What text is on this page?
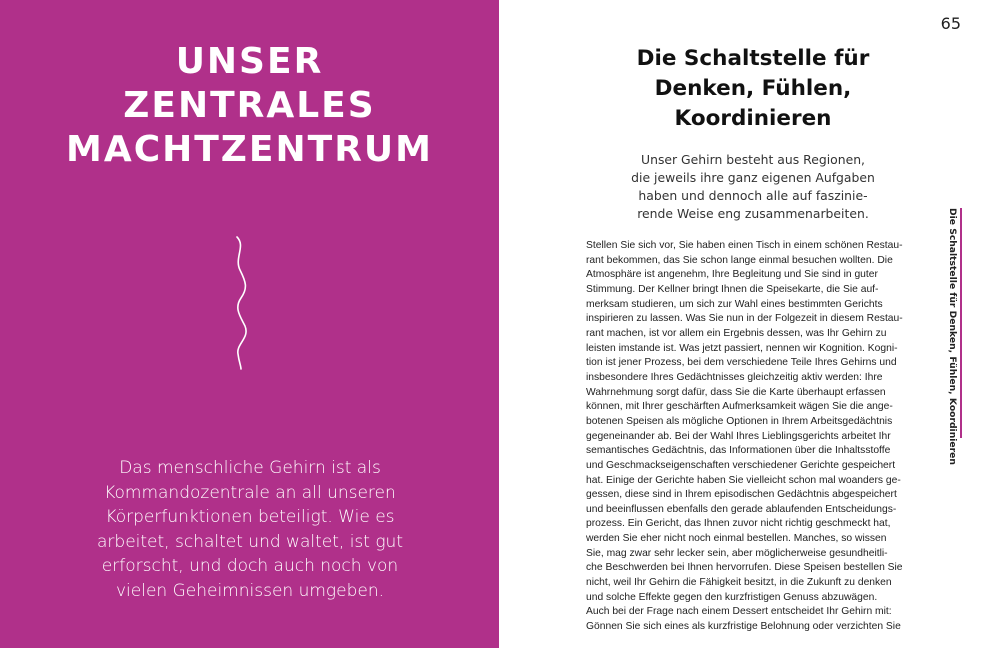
UNSER
ZENTRALES
MACHTZENTRUM
Das menschliche Gehirn ist als
Kommandozentrale an all unseren
Körperfunktionen beteiligt. Wie es
arbeitet, schaltet und waltet, ist gut
erforscht, und doch auch noch von
vielen Geheimnissen umgeben.
65
Die Schaltstelle für
Denken, Fühlen,
Koordinieren
Unser Gehirn besteht aus Regionen,
die jeweils ihre ganz eigenen Aufgaben
haben und dennoch alle auf faszinie-
rende Weise eng zusammenarbeiten.
Stellen Sie sich vor, Sie haben einen Tisch in einem schönen Restau-
rant bekommen, das Sie schon lange einmal besuchen wollten. Die
Atmosphäre ist angenehm, Ihre Begleitung und Sie sind in guter
Stimmung. Der Kellner bringt Ihnen die Speisekarte, die Sie auf-
merksam studieren, um sich zur Wahl eines bestimmten Gerichts
inspirieren zu lassen. Was Sie nun in der Folgezeit in diesem Restau-
rant machen, ist vor allem ein Ergebnis dessen, was Ihr Gehirn zu
leisten imstande ist. Was jetzt passiert, nennen wir Kognition. Kogni-
tion ist jener Prozess, bei dem verschiedene Teile Ihres Gehirns und
insbesondere Ihres Gedächtnisses gleichzeitig aktiv werden: Ihre
Wahrnehmung sorgt dafür, dass Sie die Karte überhaupt erfassen
können, mit Ihrer geschärften Aufmerksamkeit wägen Sie die ange-
botenen Speisen als mögliche Optionen in Ihrem Arbeitsgedächtnis
gegeneinander ab. Bei der Wahl Ihres Lieblingsgerichts arbeitet Ihr
semantisches Gedächtnis, das Informationen über die Inhaltsstoffe
und Geschmackseigenschaften verschiedener Gerichte gespeichert
hat. Einige der Gerichte haben Sie vielleicht schon mal woanders ge-
gessen, diese sind in Ihrem episodischen Gedächtnis abgespeichert
und beeinflussen ebenfalls den gerade ablaufenden Entscheidungs-
prozess. Ein Gericht, das Ihnen zuvor nicht richtig geschmeckt hat,
werden Sie eher nicht noch einmal bestellen. Manches, so wissen
Sie, mag zwar sehr lecker sein, aber möglicherweise gesundheitli-
che Beschwerden bei Ihnen hervorrufen. Diese Speisen bestellen Sie
nicht, weil Ihr Gehirn die Fähigkeit besitzt, in die Zukunft zu denken
und solche Effekte gegen den kurzfristigen Genuss abzuwägen.
Auch bei der Frage nach einem Dessert entscheidet Ihr Gehirn mit:
Gönnen Sie sich eines als kurzfristige Belohnung oder verzichten Sie
Die Schaltstelle für Denken, Fühlen, Koordinieren
